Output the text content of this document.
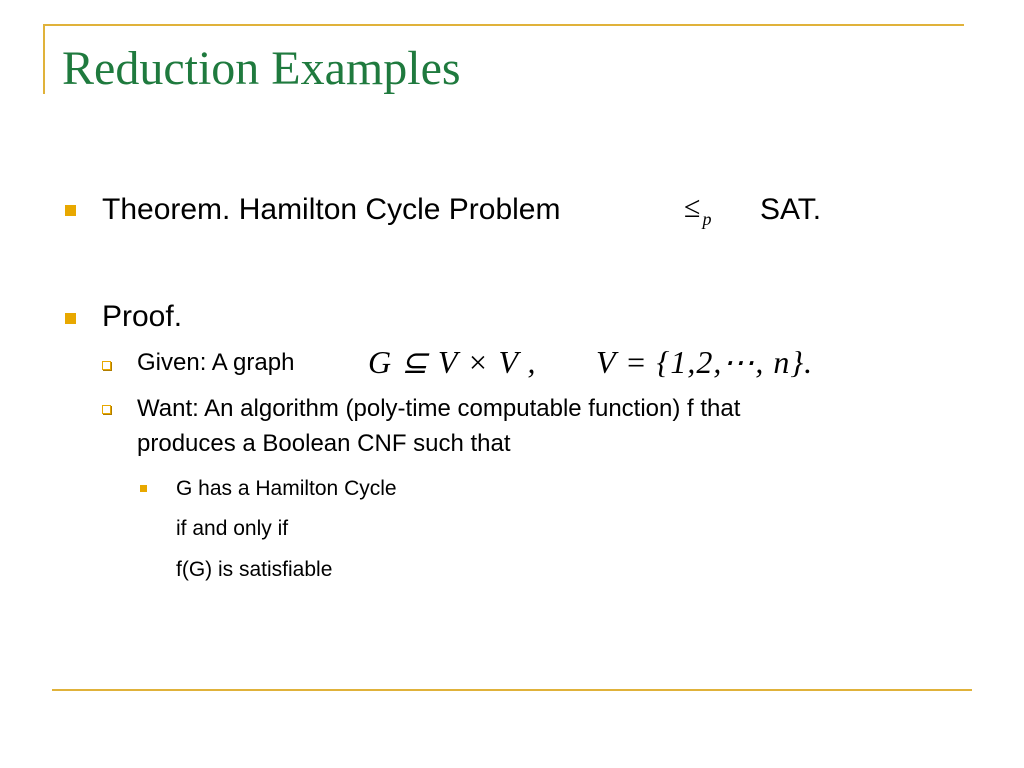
Reduction Examples
Theorem. Hamilton Cycle Problem	≤ $_p$ SAT.
Proof.
Given: A graph G ⊆ V × V , V = {1,2,⋯, n}.
Want: An algorithm (poly-time computable function) f that
produces a Boolean CNF such that
G has a Hamilton Cycle
if and only if
f(G) is satisfiable
